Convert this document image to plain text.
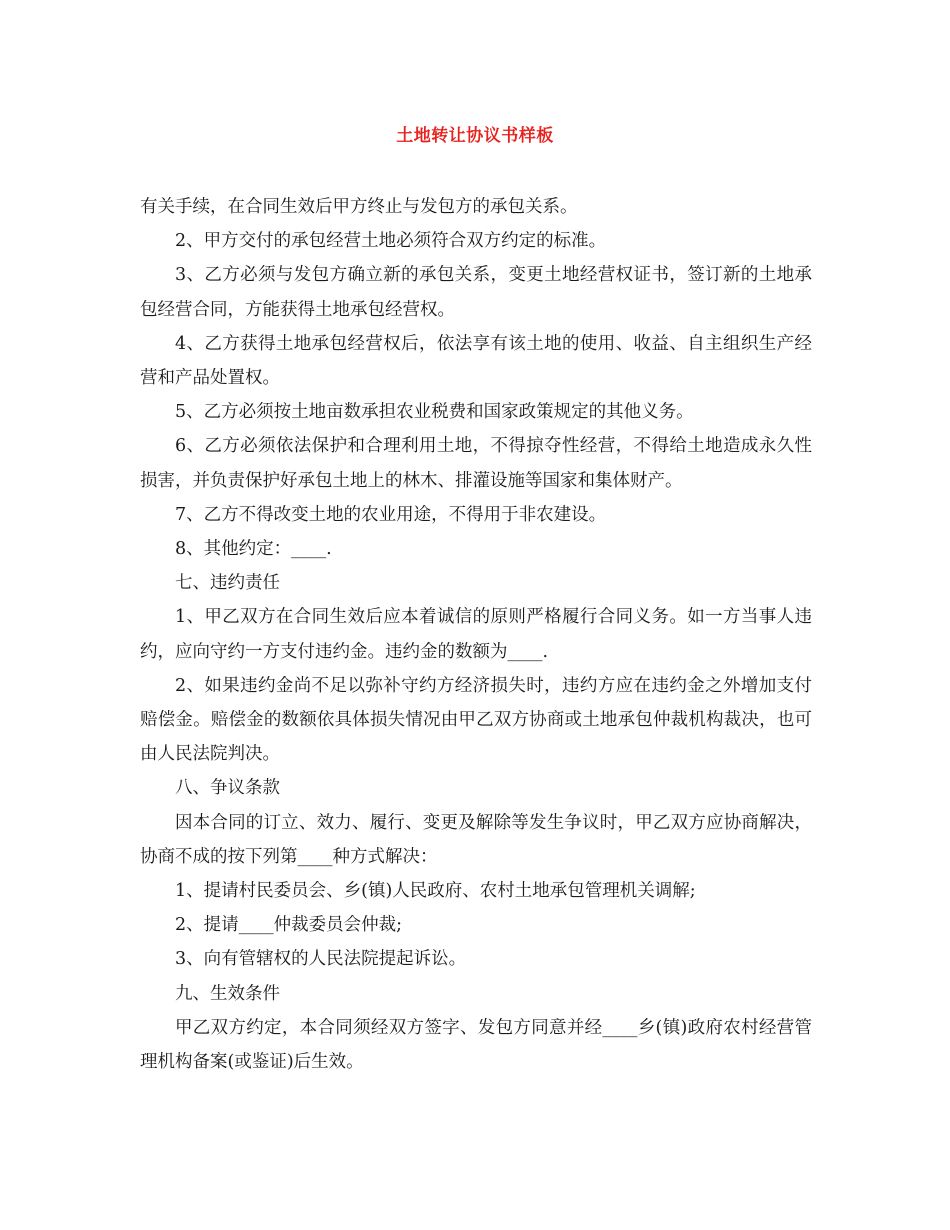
土地转让协议书样板

有关手续，在合同生效后甲方终止与发包方的承包关系。

2、甲方交付的承包经营土地必须符合双方约定的标准。

3、乙方必须与发包方确立新的承包关系，变更土地经营权证书，签订新的土地承包经营合同，方能获得土地承包经营权。

4、乙方获得土地承包经营权后，依法享有该土地的使用、收益、自主组织生产经营和产品处置权。

5、乙方必须按土地亩数承担农业税费和国家政策规定的其他义务。

6、乙方必须依法保护和合理利用土地，不得掠夺性经营，不得给土地造成永久性损害，并负责保护好承包土地上的林木、排灌设施等国家和集体财产。

7、乙方不得改变土地的农业用途，不得用于非农建设。

8、其他约定：____.

七、违约责任

1、甲乙双方在合同生效后应本着诚信的原则严格履行合同义务。如一方当事人违约，应向守约一方支付违约金。违约金的数额为____.

2、如果违约金尚不足以弥补守约方经济损失时，违约方应在违约金之外增加支付赔偿金。赔偿金的数额依具体损失情况由甲乙双方协商或土地承包仲裁机构裁决，也可由人民法院判决。

八、争议条款

因本合同的订立、效力、履行、变更及解除等发生争议时，甲乙双方应协商解决，协商不成的按下列第____种方式解决：

1、提请村民委员会、乡(镇)人民政府、农村土地承包管理机关调解;

2、提请____仲裁委员会仲裁;

3、向有管辖权的人民法院提起诉讼。

九、生效条件

甲乙双方约定，本合同须经双方签字、发包方同意并经____乡(镇)政府农村经营管理机构备案(或鉴证)后生效。
